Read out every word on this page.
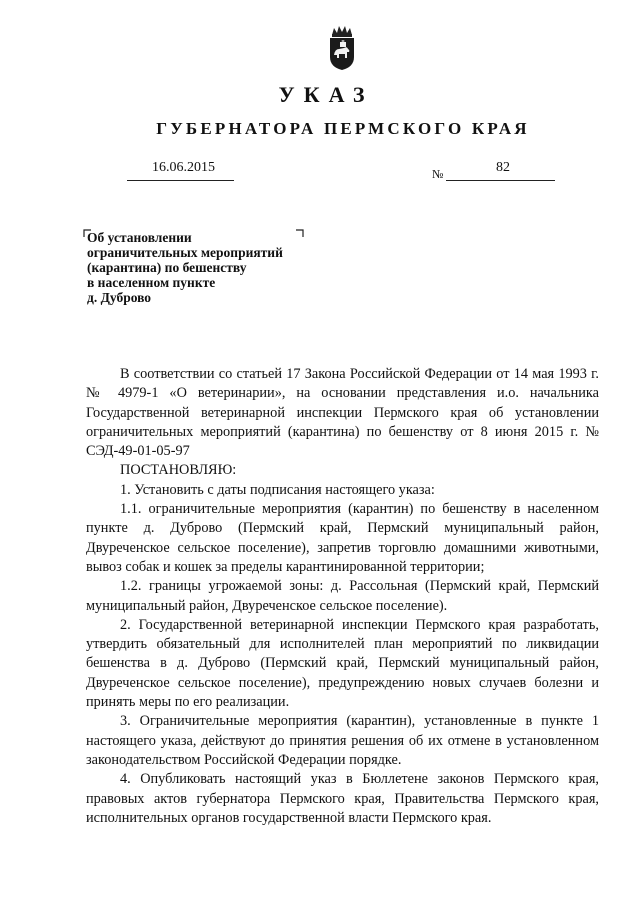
УКАЗ
ГУБЕРНАТОРА ПЕРМСКОГО КРАЯ
16.06.2015	№	82
Об установлении
ограничительных мероприятий
(карантина) по бешенству
в населенном пункте
д. Дуброво

В соответствии со статьей 17 Закона Российской Федерации от 14 мая 1993 г. № 4979-1 «О ветеринарии», на основании представления и.о. начальника Государственной ветеринарной инспекции Пермского края об установлении ограничительных мероприятий (карантина) по бешенству от 8 июня 2015 г. № СЭД-49-01-05-97

ПОСТАНОВЛЯЮ:

1. Установить с даты подписания настоящего указа:

1.1. ограничительные мероприятия (карантин) по бешенству в населенном пункте д. Дуброво (Пермский край, Пермский муниципальный район, Двуреченское сельское поселение), запретив торговлю домашними животными, вывоз собак и кошек за пределы карантинированной территории;

1.2. границы угрожаемой зоны: д. Рассольная (Пермский край, Пермский муниципальный район, Двуреченское сельское поселение).

2. Государственной ветеринарной инспекции Пермского края разработать, утвердить обязательный для исполнителей план мероприятий по ликвидации бешенства в д. Дуброво (Пермский край, Пермский муниципальный район, Двуреченское сельское поселение), предупреждению новых случаев болезни и принять меры по его реализации.

3. Ограничительные мероприятия (карантин), установленные в пункте 1 настоящего указа, действуют до принятия решения об их отмене в установленном законодательством Российской Федерации порядке.

4. Опубликовать настоящий указ в Бюллетене законов Пермского края, правовых актов губернатора Пермского края, Правительства Пермского края, исполнительных органов государственной власти Пермского края.
